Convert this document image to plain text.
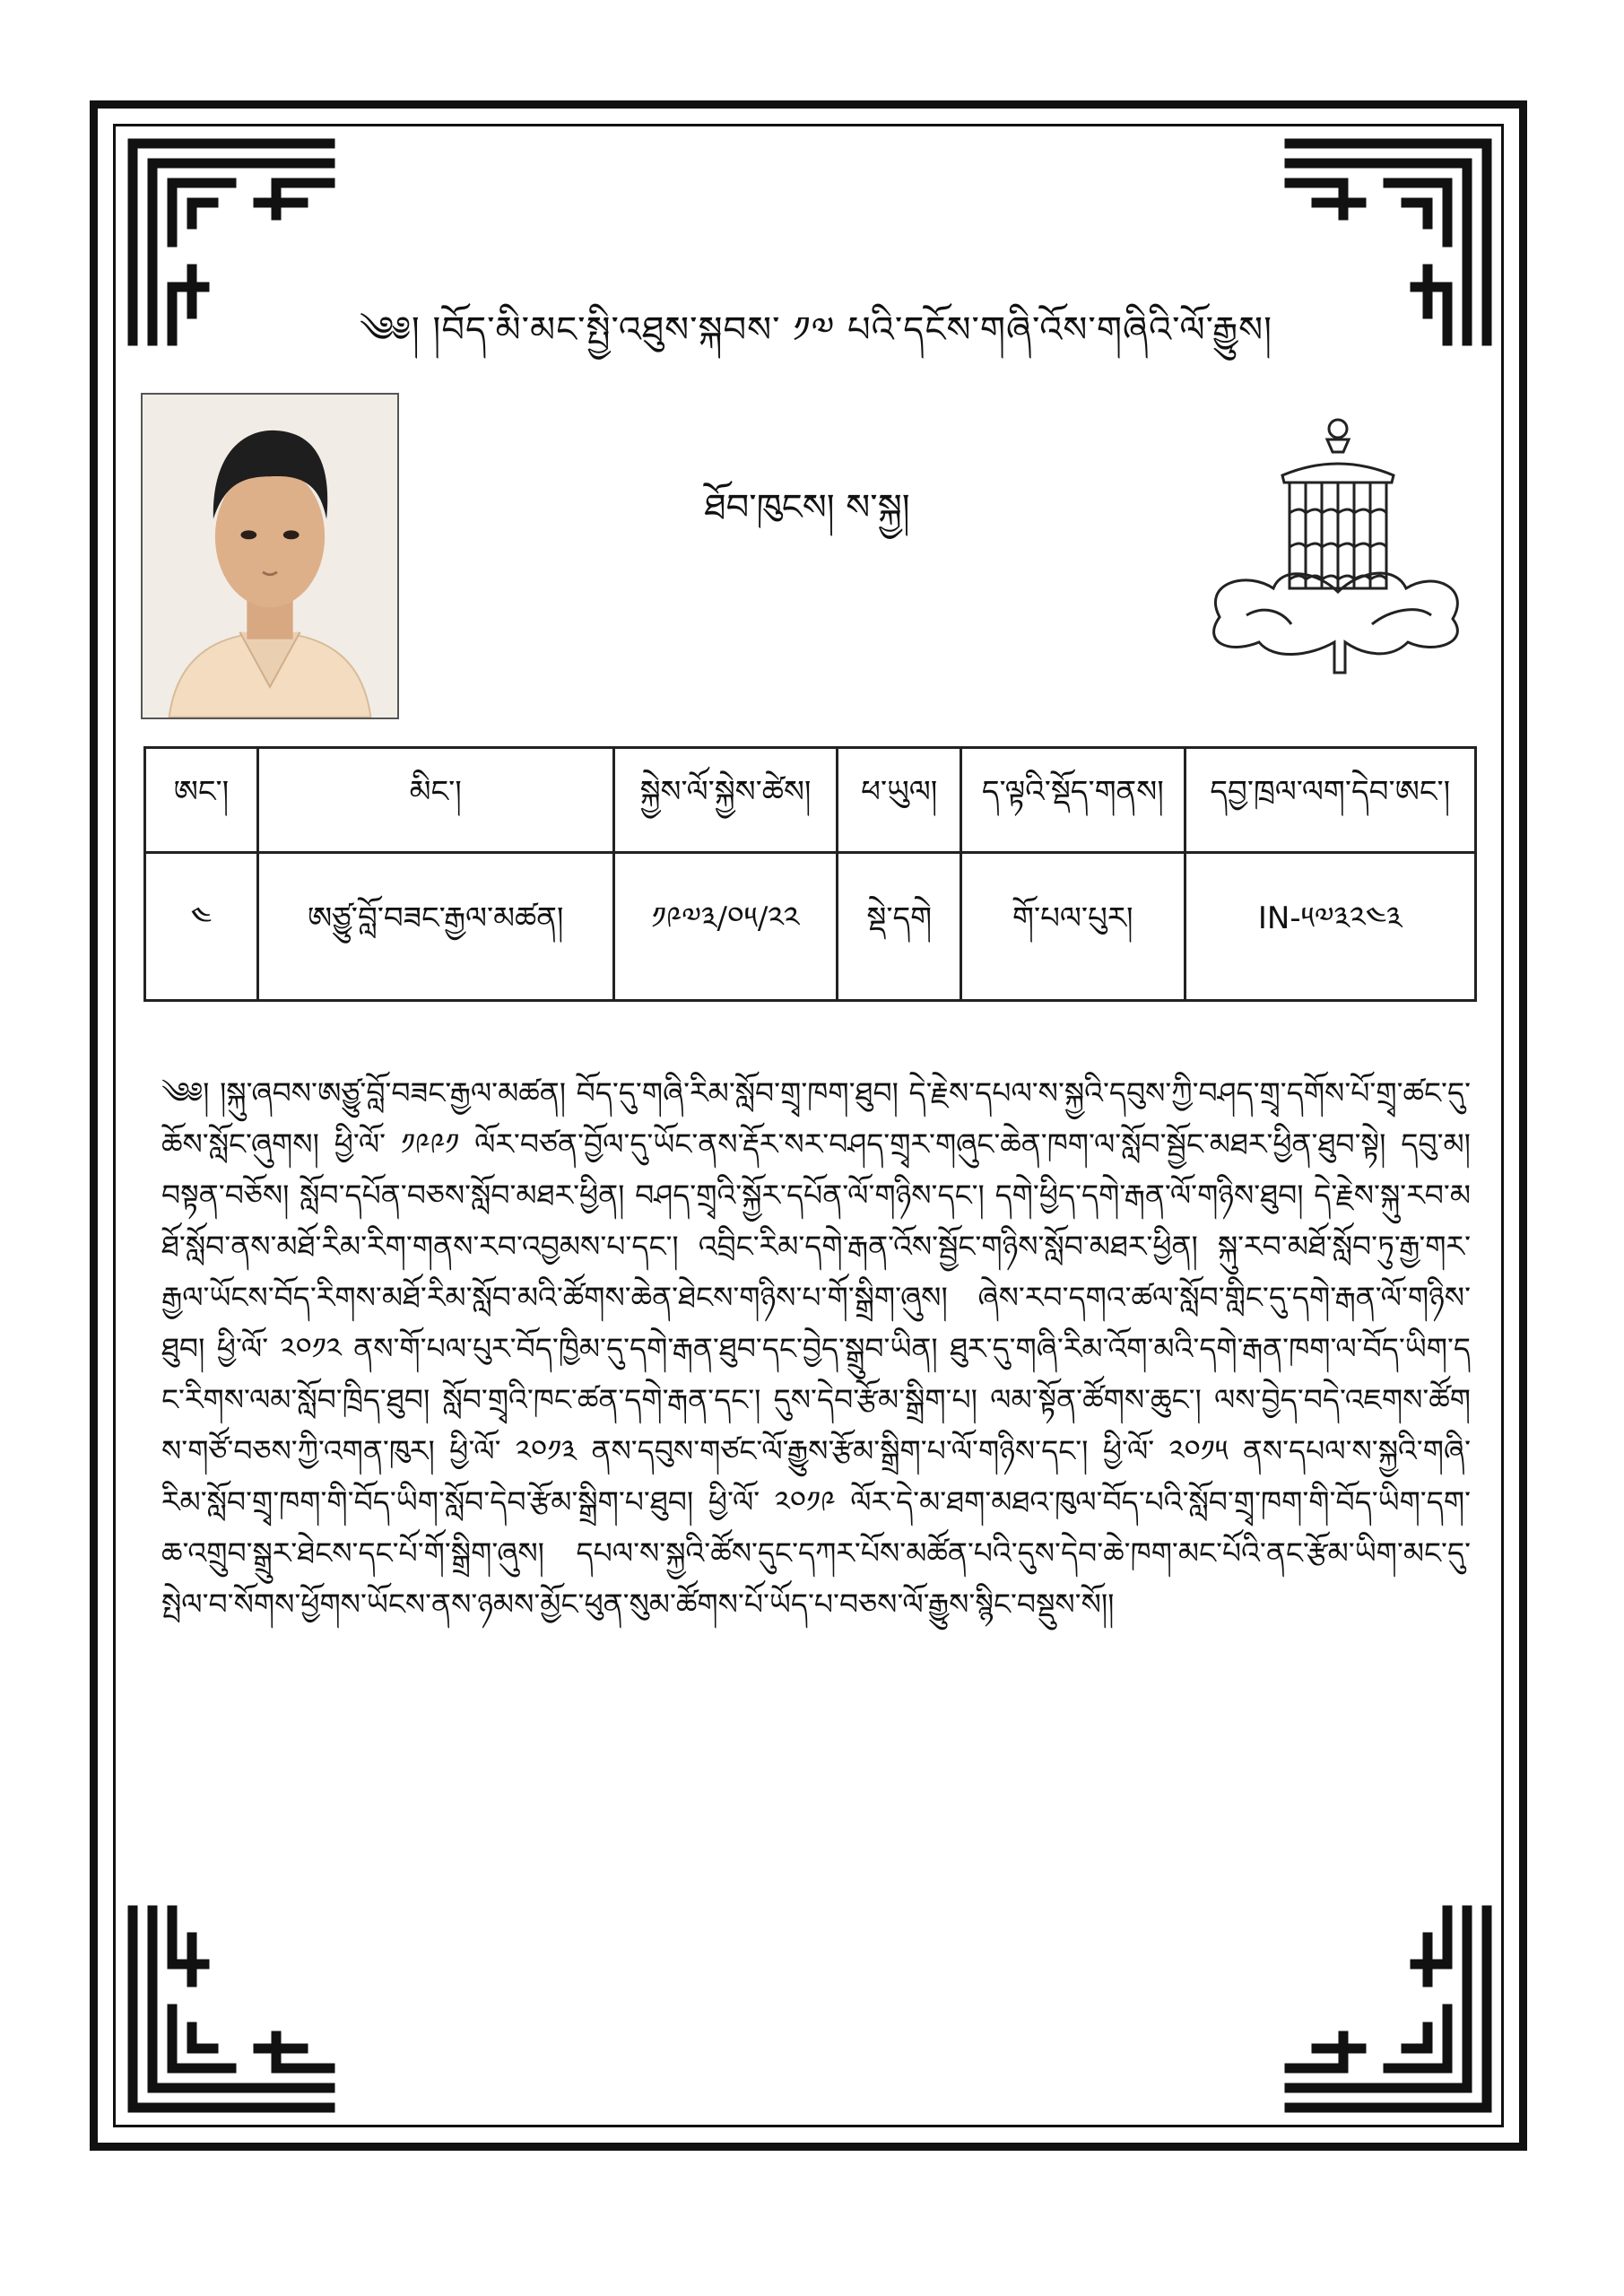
༄༅། །བོད་མི་མང་སྤྱི་འཐུས་སྐབས་ ༡༧ པའི་དངོས་གཞི་འོས་གཞིའི་ལོ་རྒྱུས།
ཐོབ་ཁུངས། ས་སྐྱ།
ཨང་།	མིང་།	སྐྱེས་ལོ་སྐྱེས་ཚེས།	ཕ་ཡུལ།	ད་ལྟའི་སྡོད་གནས།	དབྱ་ཁྲལ་ལག་དེབ་ཨང་།
༤	ཨཙྱུ་བློ་བཟང་རྒྱལ་མཚན།	༡༩༧༣/༠༥/༢༢	སྡེ་དགེ	གོ་པལ་པུར།	IN-༥༧༣༢༤༣
༄༅། །སྐུ་ཞབས་ཨཙྱུ་བློ་བཟང་རྒྱལ་མཚན། བོད་དུ་གཞི་རིམ་སློབ་གྲྭ་ཁག་ཐུབ། དེ་རྗེས་དཔལ་ས་སྐྱའི་དབུས་ཀྱི་བཤད་གྲྭ་དགོས་པོ་གྲྭ་ཚང་དུ་ཆོས་སློང་ཞུགས། ཕྱི་ལོ་ ༡༩༩༡ ལོར་བཙན་བྱོལ་དུ་ཡོང་ནས་རྡོར་སར་བཤད་གྲྭར་གཞུང་ཆེན་ཁག་ལ་སློབ་སྦྱོང་མཐར་ཕྱིན་ཐུབ་སྟེ། དབུ་མ། བསྟན་བཅོས། སློབ་དཔོན་བཅས་སློབ་མཐར་ཕྱིན། བཤད་གྲྭའི་སྐྱོར་དཔོན་ལོ་གཉིས་དང་། དགེ་ཕྱིད་དགེ་རྒན་ལོ་གཉིས་ཐུབ། དེ་རྗེས་སྐུ་རབ་མཐོ་སློབ་ནས་མཐོ་རིམ་རིག་གནས་རབ་འབྱམས་པ་དང་། འབྲིང་རིམ་དགེ་རྒན་འོས་སྦྱོང་གཉིས་སློབ་མཐར་ཕྱིན། སྐུ་རབ་མཐོ་སློབ་ཏུ་རྒྱ་གར་རྒྱལ་ཡོངས་བོད་རིགས་མཐོ་རིམ་སློབ་མའི་ཚོགས་ཆེན་ཐེངས་གཉིས་པ་གོ་སྒྲིག་ཞུས། ཞེས་རབ་དགའ་ཚལ་སློབ་གླིང་དུ་དགེ་རྒན་ལོ་གཉིས་ཐུབ། ཕྱི་ལོ་ ༢༠༡༢ ནས་གོ་པལ་པུར་བོད་ཁྱིམ་དུ་དགེ་རྒན་ཐུབ་དང་བྱེད་སྒྲུབ་ཡིན། ཐུར་དུ་གཞི་རིམ་འོག་མའི་དགེ་རྒན་ཁག་ལ་བོད་ཡིག་དང་རིགས་ལམ་སློབ་ཁྲིད་ཐུབ། སློབ་གྲྭའི་ཁང་ཚན་དགེ་རྒན་དང་། དུས་དེབ་རྩོམ་སྒྲིག་པ། ལམ་སྟོན་ཚོགས་ཆུང་། ལས་བྱེད་བདེ་འཇགས་ཚོགས་གཙོ་བཅས་ཀྱི་འགན་ཁུར། ཕྱི་ལོ་ ༢༠༡༣ ནས་དབུས་གཙང་ལོ་རྒྱུས་རྩོམ་སྒྲིག་པ་ལོ་གཉིས་དང་། ཕྱི་ལོ་ ༢༠༡༥ ནས་དཔལ་ས་སྐྱའི་གཞི་རིམ་སློབ་གྲྭ་ཁག་གི་བོད་ཡིག་སློབ་དེབ་རྩོམ་སྒྲིག་པ་ཐུབ། ཕྱི་ལོ་ ༢༠༡༩ ལོར་དེ་མ་ཐག་མཐའ་ཁུལ་བོད་པའི་སློབ་གྲྭ་ཁག་གི་བོད་ཡིག་དག་ཆ་འགྲུབ་སྒྲུར་ཐེངས་དང་པོ་གོ་སྒྲིག་ཞུས། དཔལ་ས་སྐྱའི་ཚོས་དུང་དཀར་པོས་མཚོན་པའི་དུས་དེབ་ཆེ་ཁག་མང་པོའི་ནང་རྩོམ་ཡིག་མང་དུ་སྤེལ་བ་སོགས་ཕྱོགས་ཡོངས་ནས་ཉམས་མྱོང་ཕུན་སུམ་ཚོགས་པོ་ཡོད་པ་བཅས་ལོ་རྒྱུས་སྙིང་བསྡུས་སོ།།
